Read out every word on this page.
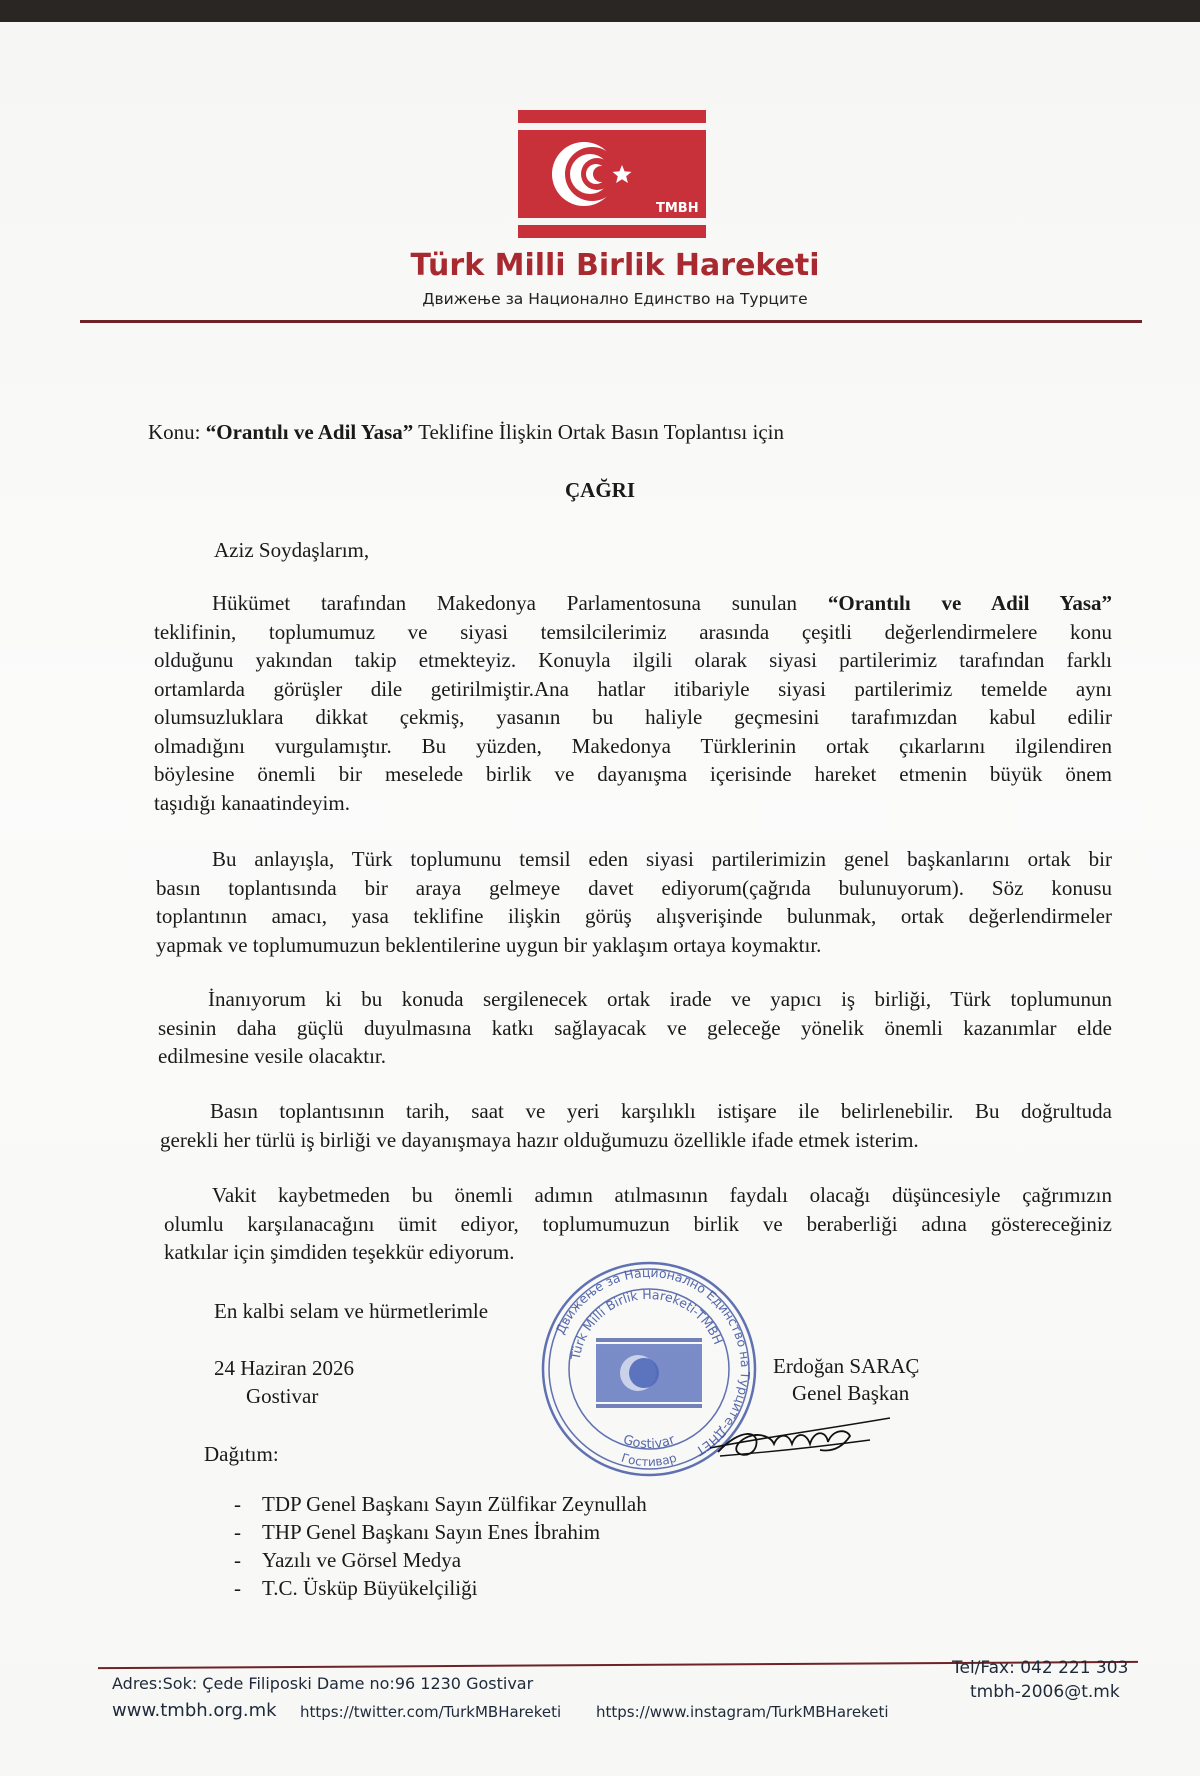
TMBH
Türk Milli Birlik Hareketi
Движење за Национално Единство на Турците
Konu: “Orantılı ve Adil Yasa” Teklifine İlişkin Ortak Basın Toplantısı için
ÇAĞRI
Aziz Soydaşlarım,
Hükümet tarafından Makedonya Parlamentosuna sunulan “Orantılı ve Adil Yasa”
teklifinin, toplumumuz ve siyasi temsilcilerimiz arasında çeşitli değerlendirmelere konu
olduğunu yakından takip etmekteyiz. Konuyla ilgili olarak siyasi partilerimiz tarafından farklı
ortamlarda görüşler dile getirilmiştir.Ana hatlar itibariyle siyasi partilerimiz temelde aynı
olumsuzluklara dikkat çekmiş, yasanın bu haliyle geçmesini tarafımızdan kabul edilir
olmadığını vurgulamıştır. Bu yüzden, Makedonya Türklerinin ortak çıkarlarını ilgilendiren
böylesine önemli bir meselede birlik ve dayanışma içerisinde hareket etmenin büyük önem
taşıdığı kanaatindeyim.
Bu anlayışla, Türk toplumunu temsil eden siyasi partilerimizin genel başkanlarını ortak bir
basın toplantısında bir araya gelmeye davet ediyorum(çağrıda bulunuyorum). Söz konusu
toplantının amacı, yasa teklifine ilişkin görüş alışverişinde bulunmak, ortak değerlendirmeler
yapmak ve toplumumuzun beklentilerine uygun bir yaklaşım ortaya koymaktır.
İnanıyorum ki bu konuda sergilenecek ortak irade ve yapıcı iş birliği, Türk toplumunun
sesinin daha güçlü duyulmasına katkı sağlayacak ve geleceğe yönelik önemli kazanımlar elde
edilmesine vesile olacaktır.
Basın toplantısının tarih, saat ve yeri karşılıklı istişare ile belirlenebilir. Bu doğrultuda
gerekli her türlü iş birliği ve dayanışmaya hazır olduğumuzu özellikle ifade etmek isterim.
Vakit kaybetmeden bu önemli adımın atılmasının faydalı olacağı düşüncesiyle çağrımızın
olumlu karşılanacağını ümit ediyor, toplumumuzun birlik ve beraberliği adına göstereceğiniz
katkılar için şimdiden teşekkür ediyorum.
En kalbi selam ve hürmetlerimle
24 Haziran 2026
Gostivar
Движење за Национално Единство на Турците-ДНЕТ
Türk Milli Birlik Hareketi-TMBH
Gostivar
Гостивар
Erdoğan SARAÇ
Genel Başkan
Dağıtım:
- TDP Genel Başkanı Sayın Zülfikar Zeynullah
- THP Genel Başkanı Sayın Enes İbrahim
- Yazılı ve Görsel Medya
- T.C. Üsküp Büyükelçiliği
Adres:Sok: Çede Filiposki Dame no:96 1230 Gostivar
www.tmbh.org.mk https://twitter.com/TurkMBHareketi https://www.instagram/TurkMBHareketi
Tel/Fax: 042 221 303
tmbh-2006@t.mk
